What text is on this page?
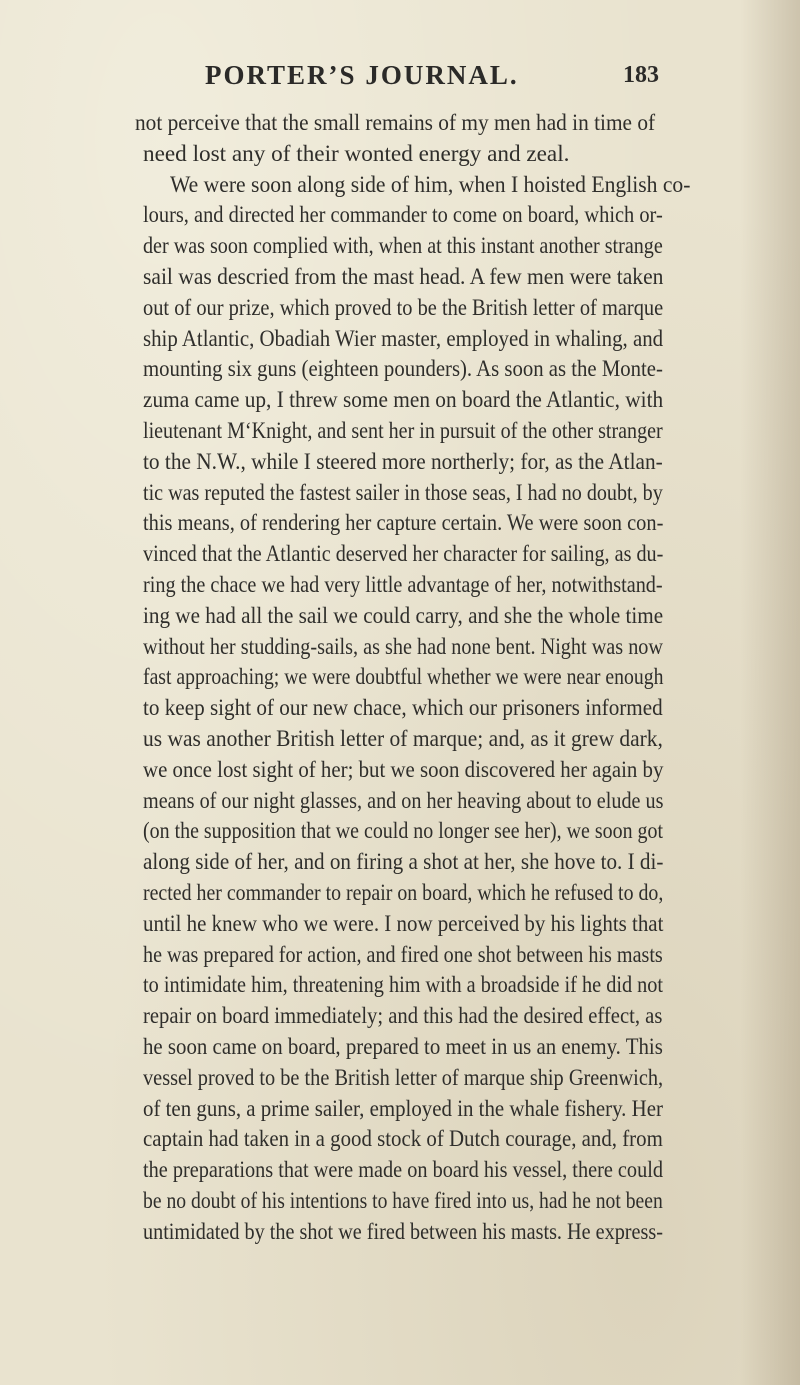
PORTER’S JOURNAL.	183
not perceive that the small remains of my men had in time of
need lost any of their wonted energy and zeal.
We were soon along side of him, when I hoisted English co-
lours, and directed her commander to come on board, which or-
der was soon complied with, when at this instant another strange
sail was descried from the mast head. A few men were taken
out of our prize, which proved to be the British letter of marque
ship Atlantic, Obadiah Wier master, employed in whaling, and
mounting six guns (eighteen pounders). As soon as the Monte-
zuma came up, I threw some men on board the Atlantic, with
lieutenant M‘Knight, and sent her in pursuit of the other stranger
to the N.W., while I steered more northerly; for, as the Atlan-
tic was reputed the fastest sailer in those seas, I had no doubt, by
this means, of rendering her capture certain. We were soon con-
vinced that the Atlantic deserved her character for sailing, as du-
ring the chace we had very little advantage of her, notwithstand-
ing we had all the sail we could carry, and she the whole time
without her studding-sails, as she had none bent. Night was now
fast approaching; we were doubtful whether we were near enough
to keep sight of our new chace, which our prisoners informed
us was another British letter of marque; and, as it grew dark,
we once lost sight of her; but we soon discovered her again by
means of our night glasses, and on her heaving about to elude us
(on the supposition that we could no longer see her), we soon got
along side of her, and on firing a shot at her, she hove to. I di-
rected her commander to repair on board, which he refused to do,
until he knew who we were. I now perceived by his lights that
he was prepared for action, and fired one shot between his masts
to intimidate him, threatening him with a broadside if he did not
repair on board immediately; and this had the desired effect, as
he soon came on board, prepared to meet in us an enemy. This
vessel proved to be the British letter of marque ship Greenwich,
of ten guns, a prime sailer, employed in the whale fishery. Her
captain had taken in a good stock of Dutch courage, and, from
the preparations that were made on board his vessel, there could
be no doubt of his intentions to have fired into us, had he not been
untimidated by the shot we fired between his masts. He express-
